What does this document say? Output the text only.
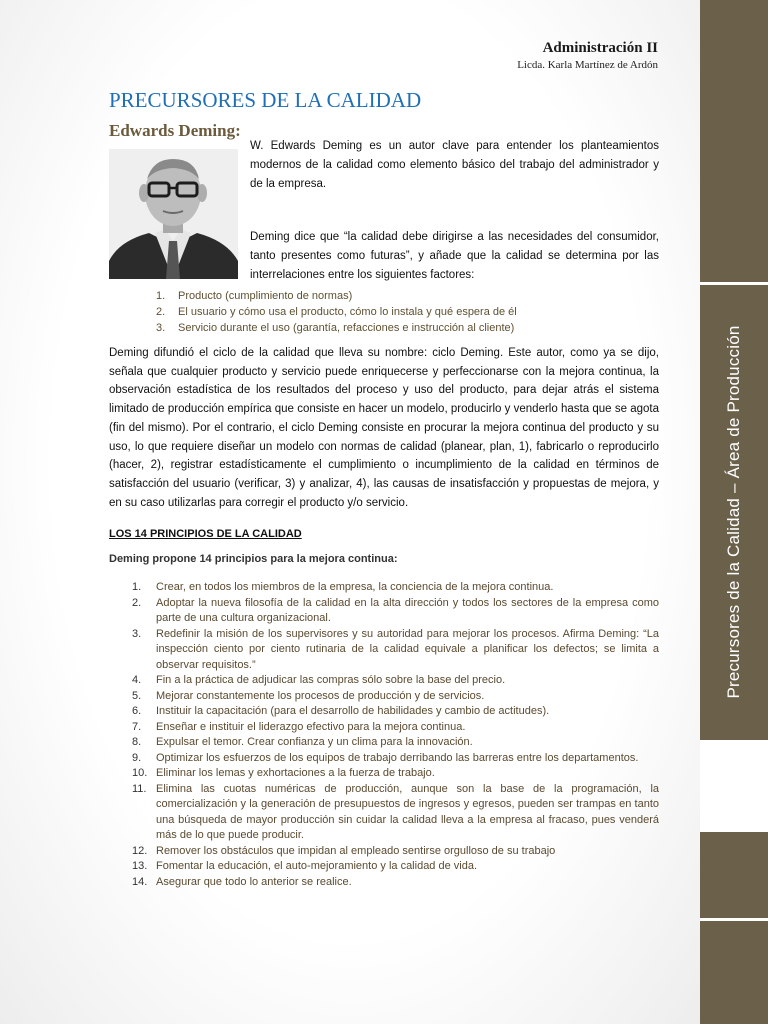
Precursores de la Calidad – Área de Producción
Administración II
Licda. Karla Martínez de Ardón
PRECURSORES DE LA CALIDAD
Edwards Deming:

W. Edwards Deming es un autor clave para entender los planteamientos modernos de la calidad como elemento básico del trabajo del administrador y de la empresa.

Deming dice que “la calidad debe dirigirse a las necesidades del consumidor, tanto presentes como futuras”, y añade que la calidad se determina por las interrelaciones entre los siguientes factores:

1. Producto (cumplimiento de normas)
2. El usuario y cómo usa el producto, cómo lo instala y qué espera de él
3. Servicio durante el uso (garantía, refacciones e instrucción al cliente)

Deming difundió el ciclo de la calidad que lleva su nombre: ciclo Deming. Este autor, como ya se dijo, señala que cualquier producto y servicio puede enriquecerse y perfeccionarse con la mejora continua, la observación estadística de los resultados del proceso y uso del producto, para dejar atrás el sistema limitado de producción empírica que consiste en hacer un modelo, producirlo y venderlo hasta que se agota (fin del mismo). Por el contrario, el ciclo Deming consiste en procurar la mejora continua del producto y su uso, lo que requiere diseñar un modelo con normas de calidad (planear, plan, 1), fabricarlo o reproducirlo (hacer, 2), registrar estadísticamente el cumplimiento o incumplimiento de la calidad en términos de satisfacción del usuario (verificar, 3) y analizar, 4), las causas de insatisfacción y propuestas de mejora, y en su caso utilizarlas para corregir el producto y/o servicio.

LOS 14 PRINCIPIOS DE LA CALIDAD
Deming propone 14 principios para la mejora continua:
1.	Crear, en todos los miembros de la empresa, la conciencia de la mejora continua.
2.	Adoptar la nueva filosofía de la calidad en la alta dirección y todos los sectores de la empresa como parte de una cultura organizacional.
3.	Redefinir la misión de los supervisores y su autoridad para mejorar los procesos. Afirma Deming: “La inspección ciento por ciento rutinaria de la calidad equivale a planificar los defectos; se limita a observar requisitos.”
4.	Fin a la práctica de adjudicar las compras sólo sobre la base del precio.
5.	Mejorar constantemente los procesos de producción y de servicios.
6.	Instituir la capacitación (para el desarrollo de habilidades y cambio de actitudes).
7.	Enseñar e instituir el liderazgo efectivo para la mejora continua.
8.	Expulsar el temor. Crear confianza y un clima para la innovación.
9.	Optimizar los esfuerzos de los equipos de trabajo derribando las barreras entre los departamentos.
10. Eliminar los lemas y exhortaciones a la fuerza de trabajo.
11. Elimina las cuotas numéricas de producción, aunque son la base de la programación, la comercialización y la generación de presupuestos de ingresos y egresos, pueden ser trampas en tanto una búsqueda de mayor producción sin cuidar la calidad lleva a la empresa al fracaso, pues venderá más de lo que puede producir.
12. Remover los obstáculos que impidan al empleado sentirse orgulloso de su trabajo
13. Fomentar la educación, el auto-mejoramiento y la calidad de vida.
14. Asegurar que todo lo anterior se realice.
